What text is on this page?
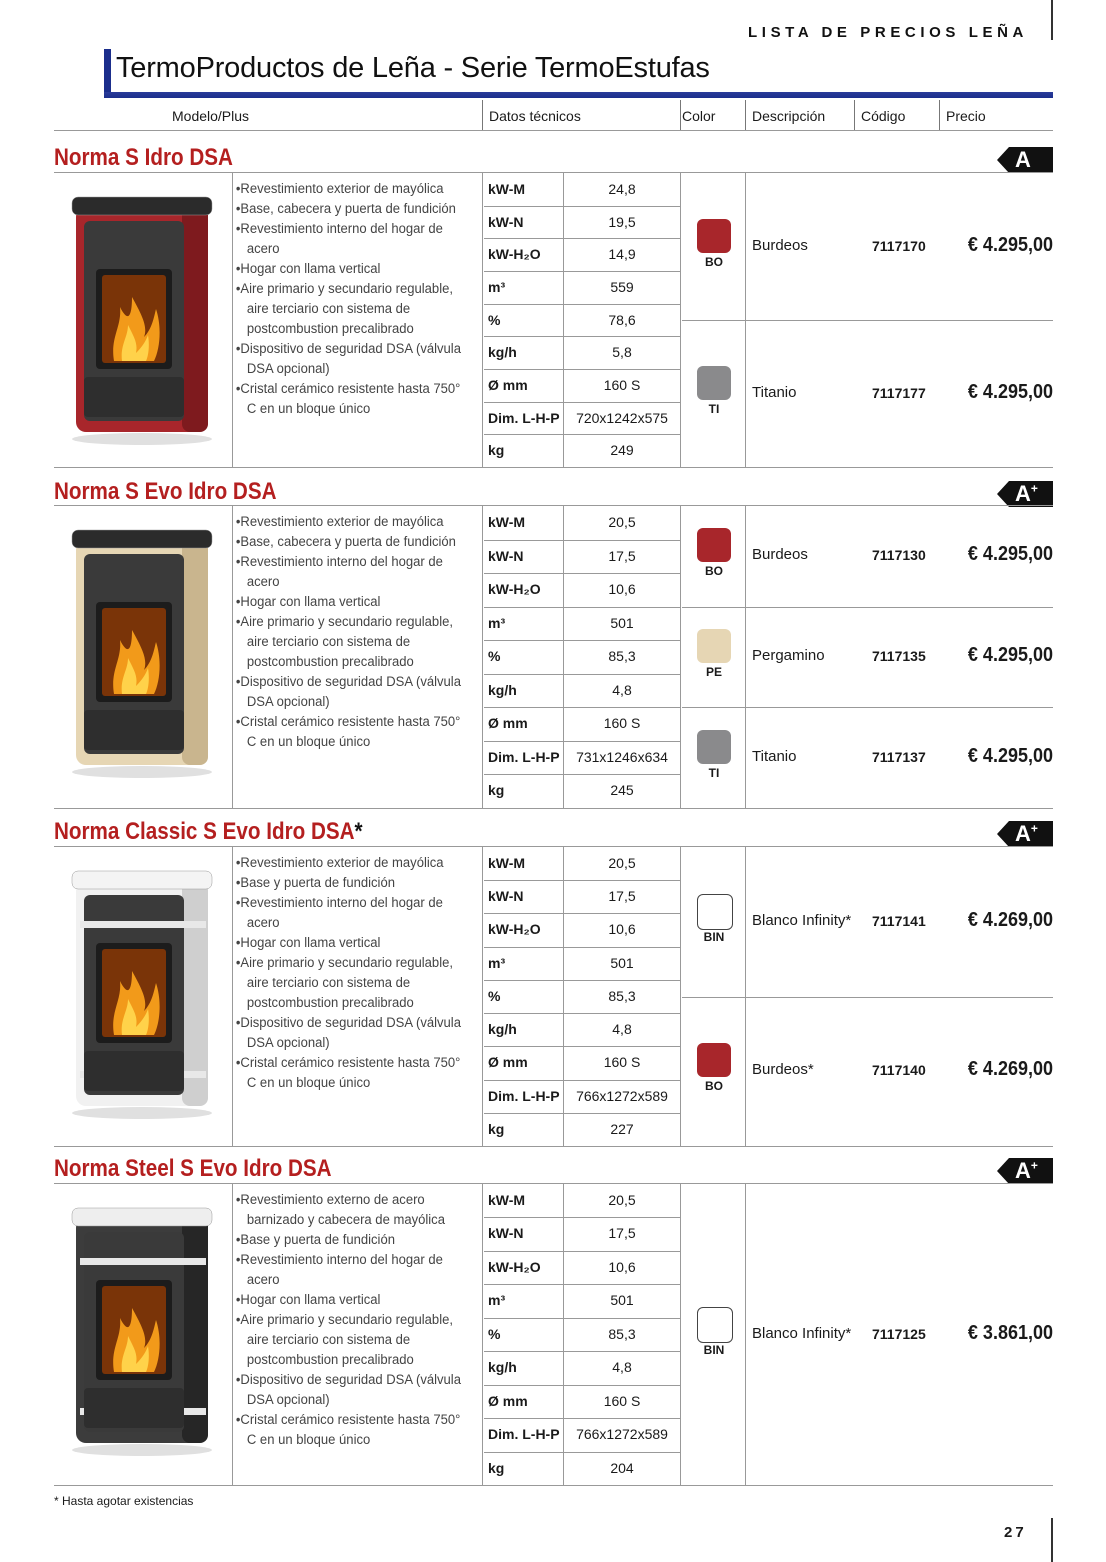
LISTA DE PRECIOS LEÑA
TermoProductos de Leña - Serie TermoEstufas
Modelo/Plus	Datos técnicos	Color	Descripción	Código	Precio
Norma S Idro DSA	A
• Revestimiento exterior de mayólica
• Base, cabecera y puerta de fundición
• Revestimiento interno del hogar de acero
• Hogar con llama vertical
• Aire primario y secundario regulable, aire terciario con sistema de postcombustion precalibrado
• Dispositivo de seguridad DSA (válvula DSA opcional)
• Cristal cerámico resistente hasta 750° C en un bloque único
kW-M	24,8
kW-N	19,5
kW-H₂O	14,9
m³	559
%	78,6
kg/h	5,8
Ø mm	160 S
Dim. L-H-P	720x1242x575
kg	249
BO
Burdeos	7117170 € 4.295,00
TI
Titanio	7117177 € 4.295,00
Norma S Evo Idro DSA	A+
• Revestimiento exterior de mayólica
• Base, cabecera y puerta de fundición
• Revestimiento interno del hogar de acero
• Hogar con llama vertical
• Aire primario y secundario regulable, aire terciario con sistema de postcombustion precalibrado
• Dispositivo de seguridad DSA (válvula DSA opcional)
• Cristal cerámico resistente hasta 750° C en un bloque único
kW-M	20,5
kW-N	17,5
kW-H₂O	10,6
m³	501
%	85,3
kg/h	4,8
Ø mm	160 S
Dim. L-H-P	731x1246x634
kg	245
BO
Burdeos	7117130 € 4.295,00
PE
Pergamino	7117135 € 4.295,00
TI
Titanio	7117137 € 4.295,00
Norma Classic S Evo Idro DSA*	A+
• Revestimiento exterior de mayólica
• Base y puerta de fundición
• Revestimiento interno del hogar de acero
• Hogar con llama vertical
• Aire primario y secundario regulable, aire terciario con sistema de postcombustion precalibrado
• Dispositivo de seguridad DSA (válvula DSA opcional)
• Cristal cerámico resistente hasta 750° C en un bloque único
kW-M	20,5
kW-N	17,5
kW-H₂O	10,6
m³	501
%	85,3
kg/h	4,8
Ø mm	160 S
Dim. L-H-P	766x1272x589
kg	227
BIN
Blanco Infinity* 7117141 € 4.269,00
BO
Burdeos*	7117140 € 4.269,00
Norma Steel S Evo Idro DSA	A+
• Revestimiento externo de acero barnizado y cabecera de mayólica
• Base y puerta de fundición
• Revestimiento interno del hogar de acero
• Hogar con llama vertical
• Aire primario y secundario regulable, aire terciario con sistema de postcombustion precalibrado
• Dispositivo de seguridad DSA (válvula DSA opcional)
• Cristal cerámico resistente hasta 750° C en un bloque único
kW-M	20,5
kW-N	17,5
kW-H₂O	10,6
m³	501
%	85,3
kg/h	4,8
Ø mm	160 S
Dim. L-H-P	766x1272x589
kg	204
BIN
Blanco Infinity* 7117125 € 3.861,00
* Hasta agotar existencias
27
